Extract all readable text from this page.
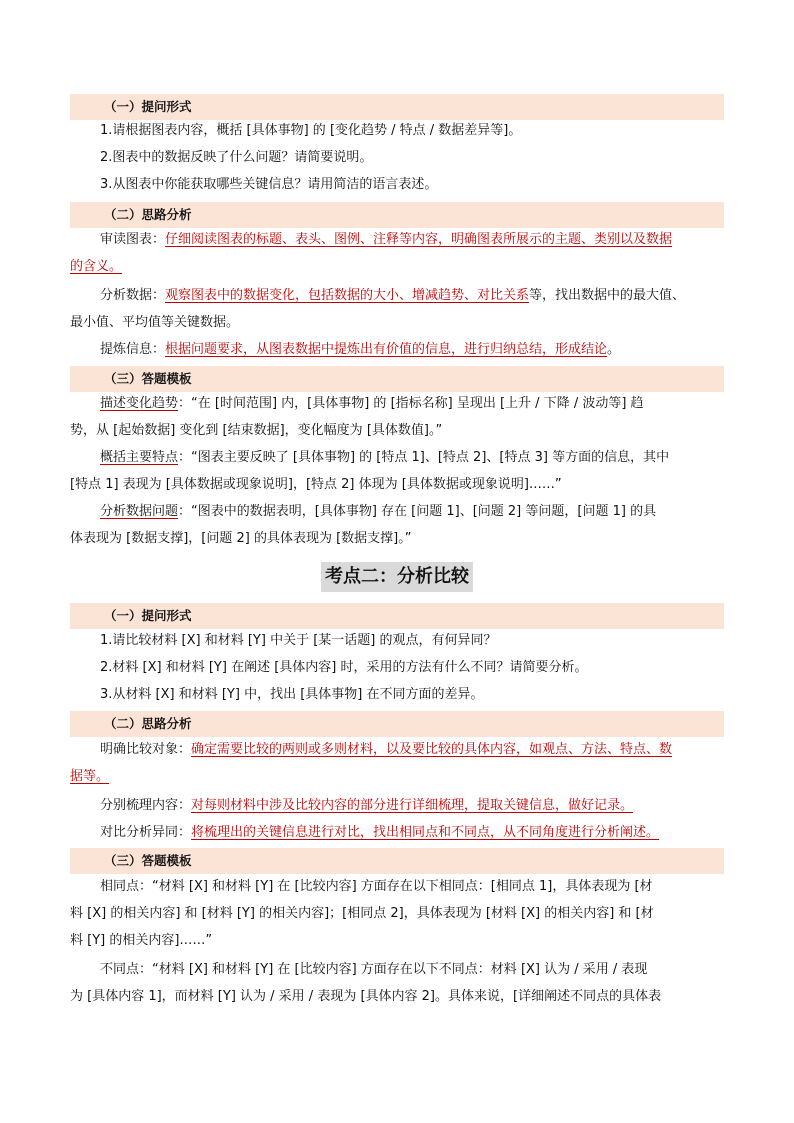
（一）提问形式
1.请根据图表内容，概括 [具体事物] 的 [变化趋势 / 特点 / 数据差异等]。
2.图表中的数据反映了什么问题？请简要说明。
3.从图表中你能获取哪些关键信息？请用简洁的语言表述。
（二）思路分析
审读图表：仔细阅读图表的标题、表头、图例、注释等内容，明确图表所展示的主题、类别以及数据
的含义。
分析数据：观察图表中的数据变化，包括数据的大小、增减趋势、对比关系等，找出数据中的最大值、
最小值、平均值等关键数据。
提炼信息：根据问题要求，从图表数据中提炼出有价值的信息，进行归纳总结，形成结论。
（三）答题模板
描述变化趋势：“在 [时间范围] 内，[具体事物] 的 [指标名称] 呈现出 [上升 / 下降 / 波动等] 趋
势，从 [起始数据] 变化到 [结束数据]，变化幅度为 [具体数值]。”
概括主要特点：“图表主要反映了 [具体事物] 的 [特点 1]、[特点 2]、[特点 3] 等方面的信息，其中
[特点 1] 表现为 [具体数据或现象说明]，[特点 2] 体现为 [具体数据或现象说明]……”
分析数据问题：“图表中的数据表明，[具体事物] 存在 [问题 1]、[问题 2] 等问题，[问题 1] 的具
体表现为 [数据支撑]，[问题 2] 的具体表现为 [数据支撑]。”
考点二：分析比较
（一）提问形式
1.请比较材料 [X] 和材料 [Y] 中关于 [某一话题] 的观点，有何异同？
2.材料 [X] 和材料 [Y] 在阐述 [具体内容] 时，采用的方法有什么不同？请简要分析。
3.从材料 [X] 和材料 [Y] 中，找出 [具体事物] 在不同方面的差异。
（二）思路分析
明确比较对象：确定需要比较的两则或多则材料，以及要比较的具体内容，如观点、方法、特点、数
据等。
分别梳理内容：对每则材料中涉及比较内容的部分进行详细梳理，提取关键信息，做好记录。
对比分析异同：将梳理出的关键信息进行对比，找出相同点和不同点，从不同角度进行分析阐述。
（三）答题模板
相同点：“材料 [X] 和材料 [Y] 在 [比较内容] 方面存在以下相同点：[相同点 1]，具体表现为 [材
料 [X] 的相关内容] 和 [材料 [Y] 的相关内容]；[相同点 2]，具体表现为 [材料 [X] 的相关内容] 和 [材
料 [Y] 的相关内容]……”
不同点：“材料 [X] 和材料 [Y] 在 [比较内容] 方面存在以下不同点：材料 [X] 认为 / 采用 / 表现
为 [具体内容 1]，而材料 [Y] 认为 / 采用 / 表现为 [具体内容 2]。具体来说，[详细阐述不同点的具体表
